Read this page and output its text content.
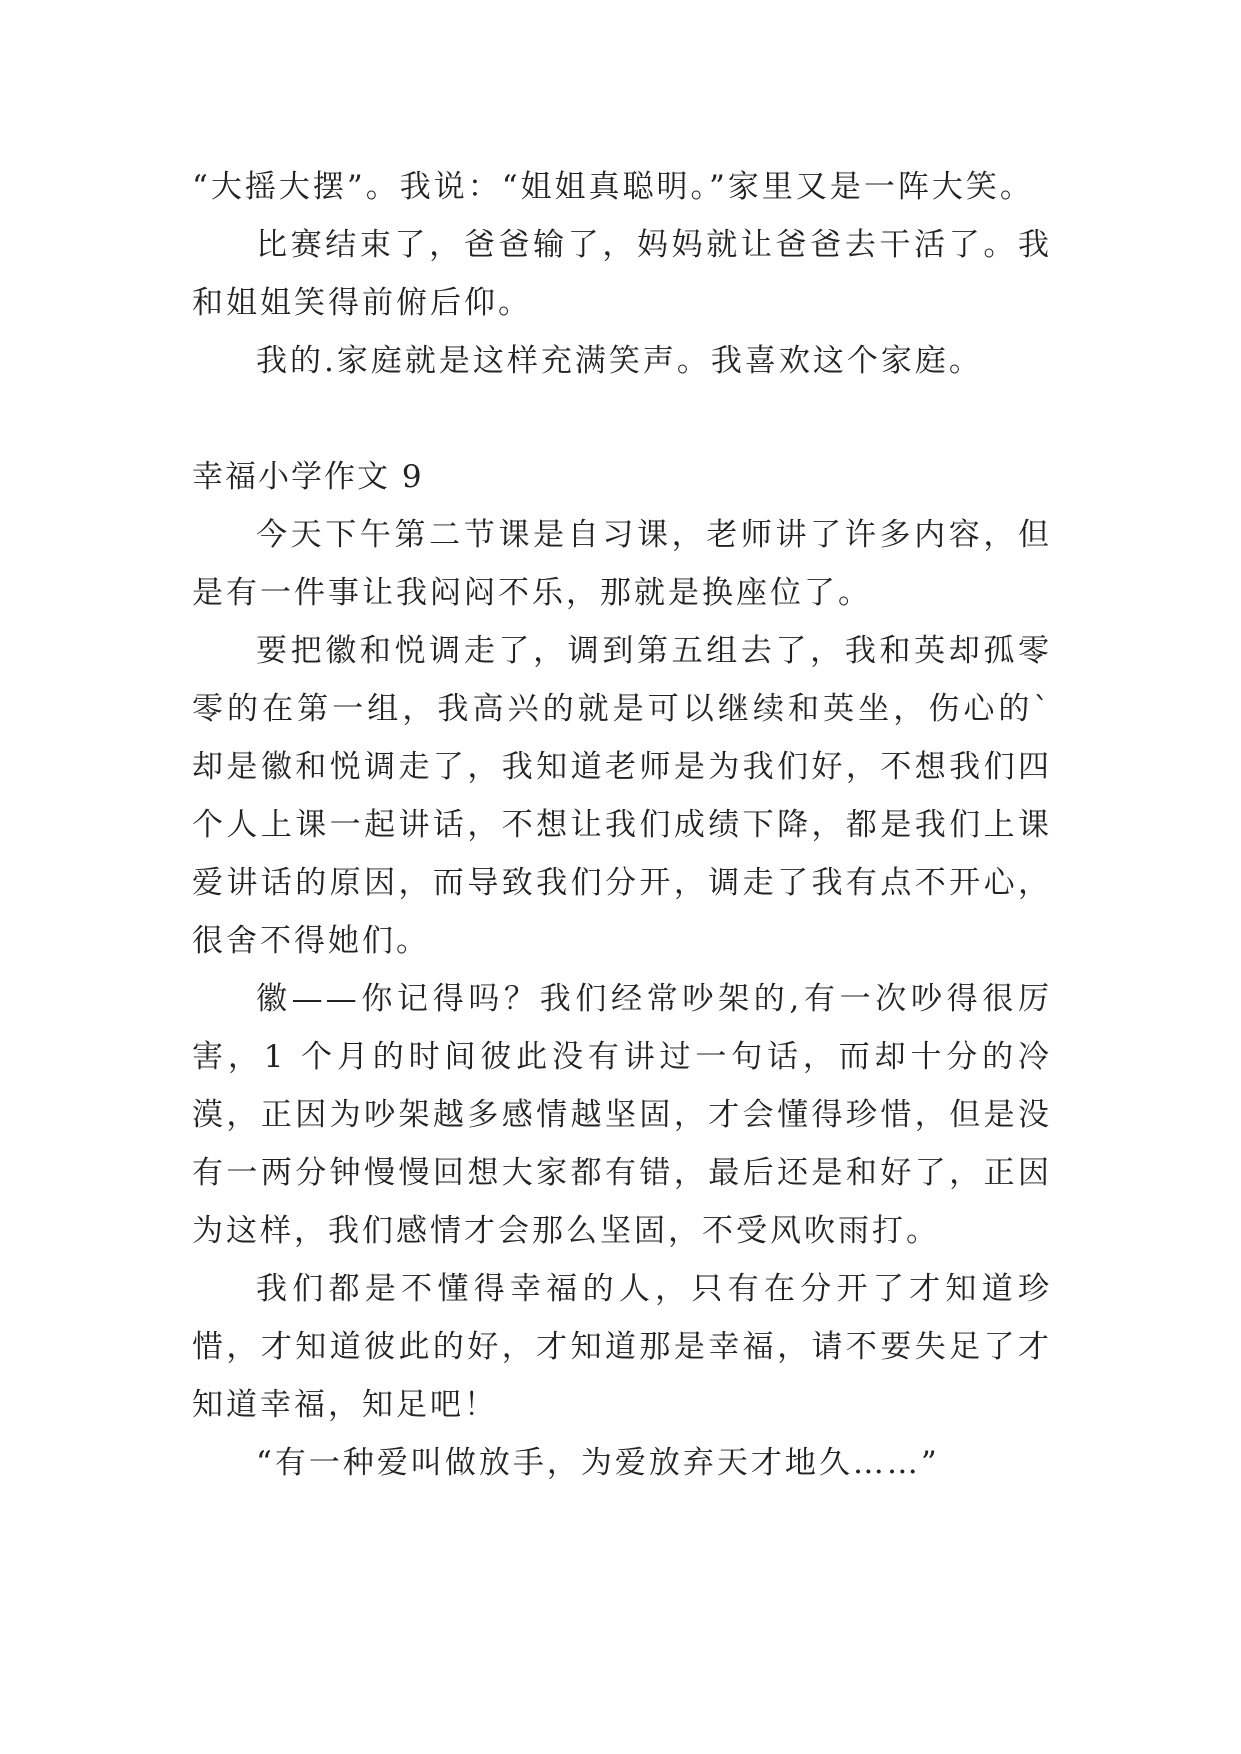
“大摇大摆”。我说：“姐姐真聪明。”家里又是一阵大笑。

比赛结束了，爸爸输了，妈妈就让爸爸去干活了。我和姐姐笑得前俯后仰。

我的.家庭就是这样充满笑声。我喜欢这个家庭。

幸福小学作文 9

今天下午第二节课是自习课，老师讲了许多内容，但是有一件事让我闷闷不乐，那就是换座位了。

要把徽和悦调走了，调到第五组去了，我和英却孤零零的在第一组，我高兴的就是可以继续和英坐，伤心的`却是徽和悦调走了，我知道老师是为我们好，不想我们四个人上课一起讲话，不想让我们成绩下降，都是我们上课爱讲话的原因，而导致我们分开，调走了我有点不开心，很舍不得她们。

徽——你记得吗？我们经常吵架的,有一次吵得很厉害，1 个月的时间彼此没有讲过一句话，而却十分的冷漠，正因为吵架越多感情越坚固，才会懂得珍惜，但是没有一两分钟慢慢回想大家都有错，最后还是和好了，正因为这样，我们感情才会那么坚固，不受风吹雨打。

我们都是不懂得幸福的人，只有在分开了才知道珍惜，才知道彼此的好，才知道那是幸福，请不要失足了才知道幸福，知足吧！

“有一种爱叫做放手，为爱放弃天才地久……”
